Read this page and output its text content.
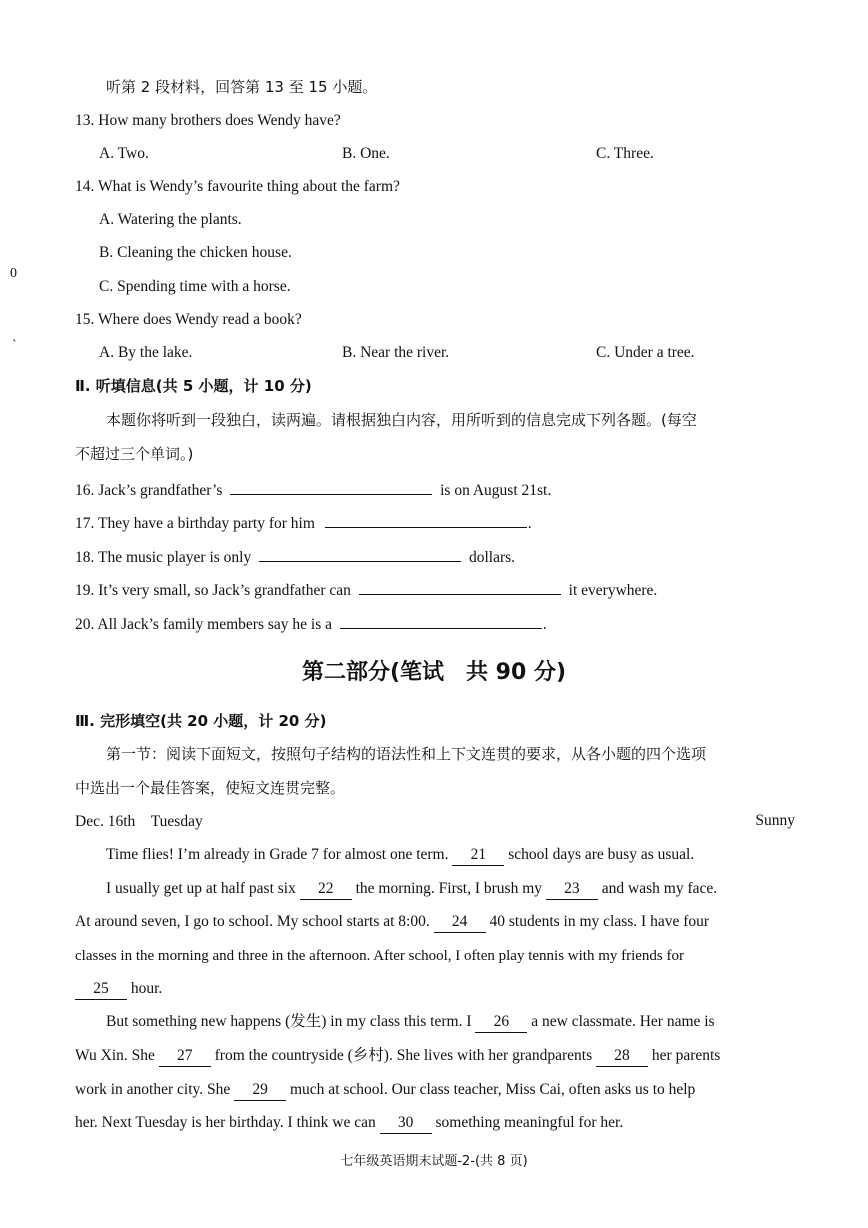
0
`
听第 2 段材料，回答第 13 至 15 小题。
13. How many brothers does Wendy have?
A. Two.	B. One.	C. Three.
14. What is Wendy’s favourite thing about the farm?
A. Watering the plants.
B. Cleaning the chicken house.
C. Spending time with a horse.
15. Where does Wendy read a book?
A. By the lake.	B. Near the river.	C. Under a tree.
Ⅱ. 听填信息(共 5 小题，计 10 分)
本题你将听到一段独白，读两遍。请根据独白内容，用所听到的信息完成下列各题。(每空
不超过三个单词。)
16. Jack’s grandfather’s	is on August 21st.
17. They have a birthday party for him	.
18. The music player is only	dollars.
19. It’s very small, so Jack’s grandfather can	it everywhere.
20. All Jack’s family members say he is a	.
第二部分(笔试　共 90 分)
Ⅲ. 完形填空(共 20 小题，计 20 分)
第一节：阅读下面短文，按照句子结构的语法性和上下文连贯的要求，从各小题的四个选项
中选出一个最佳答案，使短文连贯完整。
Dec. 16th　Tuesday	Sunny
Time flies! I’m already in Grade 7 for almost one term. 21 school days are busy as usual.
I usually get up at half past six 22 the morning. First, I brush my 23 and wash my face.
At around seven, I go to school. My school starts at 8:00. 24 40 students in my class. I have four
classes in the morning and three in the afternoon. After school, I often play tennis with my friends for
25 hour.
But something new happens (发生) in my class this term. I 26 a new classmate. Her name is
Wu Xin. She 27 from the countryside (乡村). She lives with her grandparents 28 her parents
work in another city. She 29 much at school. Our class teacher, Miss Cai, often asks us to help
her. Next Tuesday is her birthday. I think we can 30 something meaningful for her.
七年级英语期末试题-2-(共 8 页)
